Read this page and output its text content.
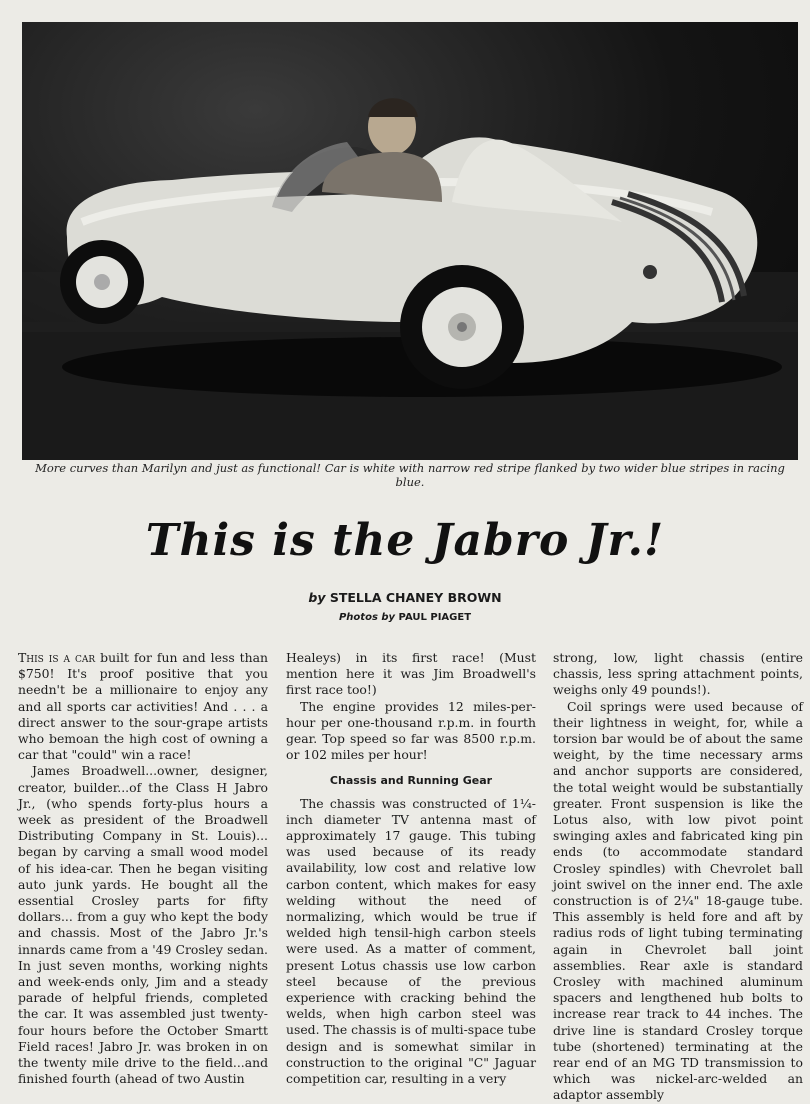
More curves than Marilyn and just as functional! Car is white with narrow red stripe flanked by two wider blue stripes in racing blue.
This is the Jabro Jr.!
by STELLA CHANEY BROWN
Photos by PAUL PIAGET

This is a car built for fun and less than $750! It's proof positive that you needn't be a millionaire to enjoy any and all sports car activities! And . . . a direct answer to the sour-grape artists who bemoan the high cost of owning a car that "could" win a race!

James Broadwell...owner, designer, creator, builder...of the Class H Jabro Jr., (who spends forty-plus hours a week as president of the Broadwell Distributing Company in St. Louis)... began by carving a small wood model of his idea-car. Then he began visiting auto junk yards. He bought all the essential Crosley parts for fifty dollars... from a guy who kept the body and chassis. Most of the Jabro Jr.'s innards came from a '49 Crosley sedan. In just seven months, working nights and week-ends only, Jim and a steady parade of helpful friends, completed the car. It was assembled just twenty-four hours before the October Smartt Field races! Jabro Jr. was broken in on the twenty mile drive to the field...and finished fourth (ahead of two Austin

Healeys) in its first race! (Must mention here it was Jim Broadwell's first race too!)

The engine provides 12 miles-per-hour per one-thousand r.p.m. in fourth gear. Top speed so far was 8500 r.p.m. or 102 miles per hour!

Chassis and Running Gear

The chassis was constructed of 1¼-inch diameter TV antenna mast of approximately 17 gauge. This tubing was used because of its ready availability, low cost and relative low carbon content, which makes for easy welding without the need of normalizing, which would be true if welded high tensil-high carbon steels were used. As a matter of comment, present Lotus chassis use low carbon steel because of the previous experience with cracking behind the welds, when high carbon steel was used. The chassis is of multi-space tube design and is somewhat similar in construction to the original "C" Jaguar competition car, resulting in a very

strong, low, light chassis (entire chassis, less spring attachment points, weighs only 49 pounds!).

Coil springs were used because of their lightness in weight, for, while a torsion bar would be of about the same weight, by the time necessary arms and anchor supports are considered, the total weight would be substantially greater. Front suspension is like the Lotus also, with low pivot point swinging axles and fabricated king pin ends (to accommodate standard Crosley spindles) with Chevrolet ball joint swivel on the inner end. The axle construction is of 2¼" 18-gauge tube. This assembly is held fore and aft by radius rods of light tubing terminating again in Chevrolet ball joint assemblies. Rear axle is standard Crosley with machined aluminum spacers and lengthened hub bolts to increase rear track to 44 inches. The drive line is standard Crosley torque tube (shortened) terminating at the rear end of an MG TD transmission to which was nickel-arc-welded an adaptor assembly
